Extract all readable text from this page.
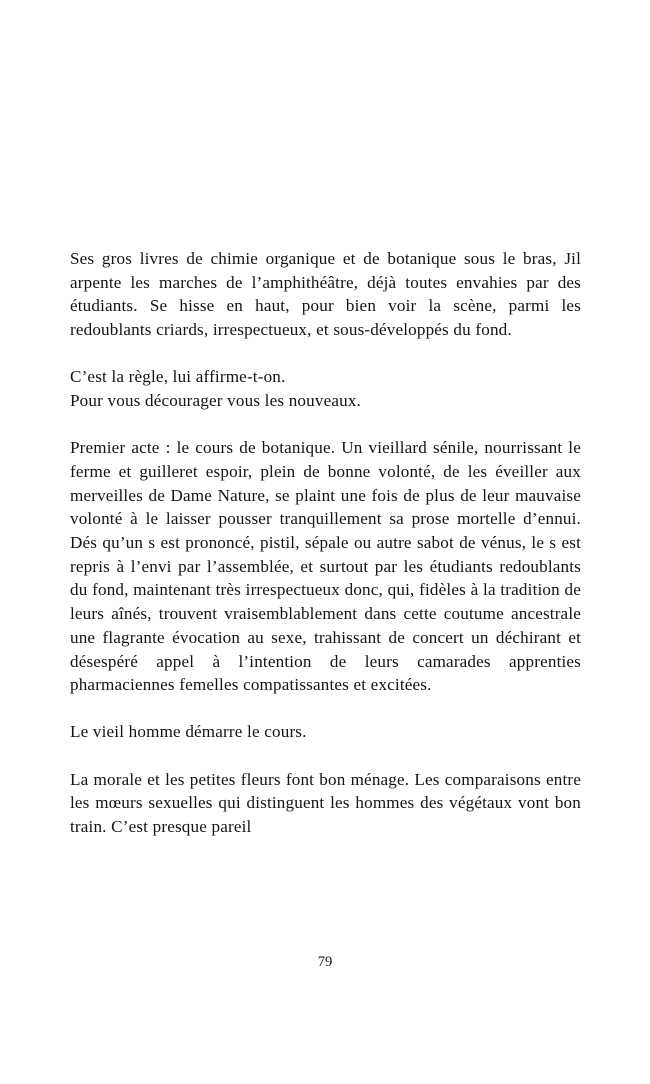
Ses gros livres de chimie organique et de botanique sous le bras, Jil arpente les marches de l’amphithéâtre, déjà toutes envahies par des étudiants. Se hisse en haut, pour bien voir la scène, parmi les redoublants criards, irrespectueux, et sous-développés du fond.

C’est la règle, lui affirme-t-on.

Pour vous décourager vous les nouveaux.

Premier acte : le cours de botanique. Un vieillard sénile, nourrissant le ferme et guilleret espoir, plein de bonne volonté, de les éveiller aux merveilles de Dame Nature, se plaint une fois de plus de leur mauvaise volonté à le laisser pousser tranquillement sa prose mortelle d’ennui. Dés qu’un s est prononcé, pistil, sépale ou autre sabot de vénus, le s est repris à l’envi par l’assemblée, et surtout par les étudiants redoublants du fond, maintenant très irrespectueux donc, qui, fidèles à la tradition de leurs aînés, trouvent vraisemblablement dans cette coutume ancestrale une flagrante évocation au sexe, trahissant de concert un déchirant et désespéré appel à l’intention de leurs camarades apprenties pharmaciennes femelles compatissantes et excitées.

Le vieil homme démarre le cours.

La morale et les petites fleurs font bon ménage. Les comparaisons entre les mœurs sexuelles qui distinguent les hommes des végétaux vont bon train. C’est presque pareil

79
